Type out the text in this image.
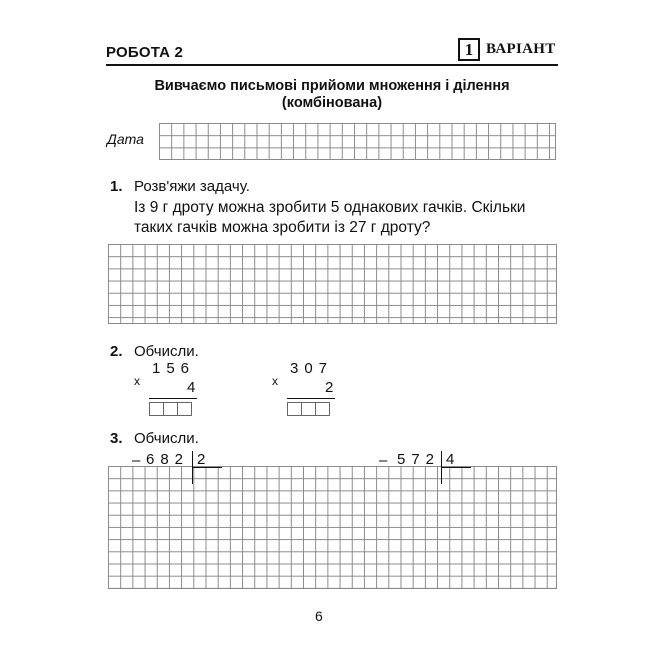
РОБОТА 2	1 ВАРІАНТ
Вивчаємо письмові прийоми множення і ділення
(комбінована)
Дата
1. Розв'яжи задачу.
Із 9 г дроту можна зробити 5 однакових гачків. Скільки
таких гачків можна зробити із 27 г дроту?
2. Обчисли.
x
156
4	x
307
2
3. Обчисли.
– 682 2	– 572 4
6
